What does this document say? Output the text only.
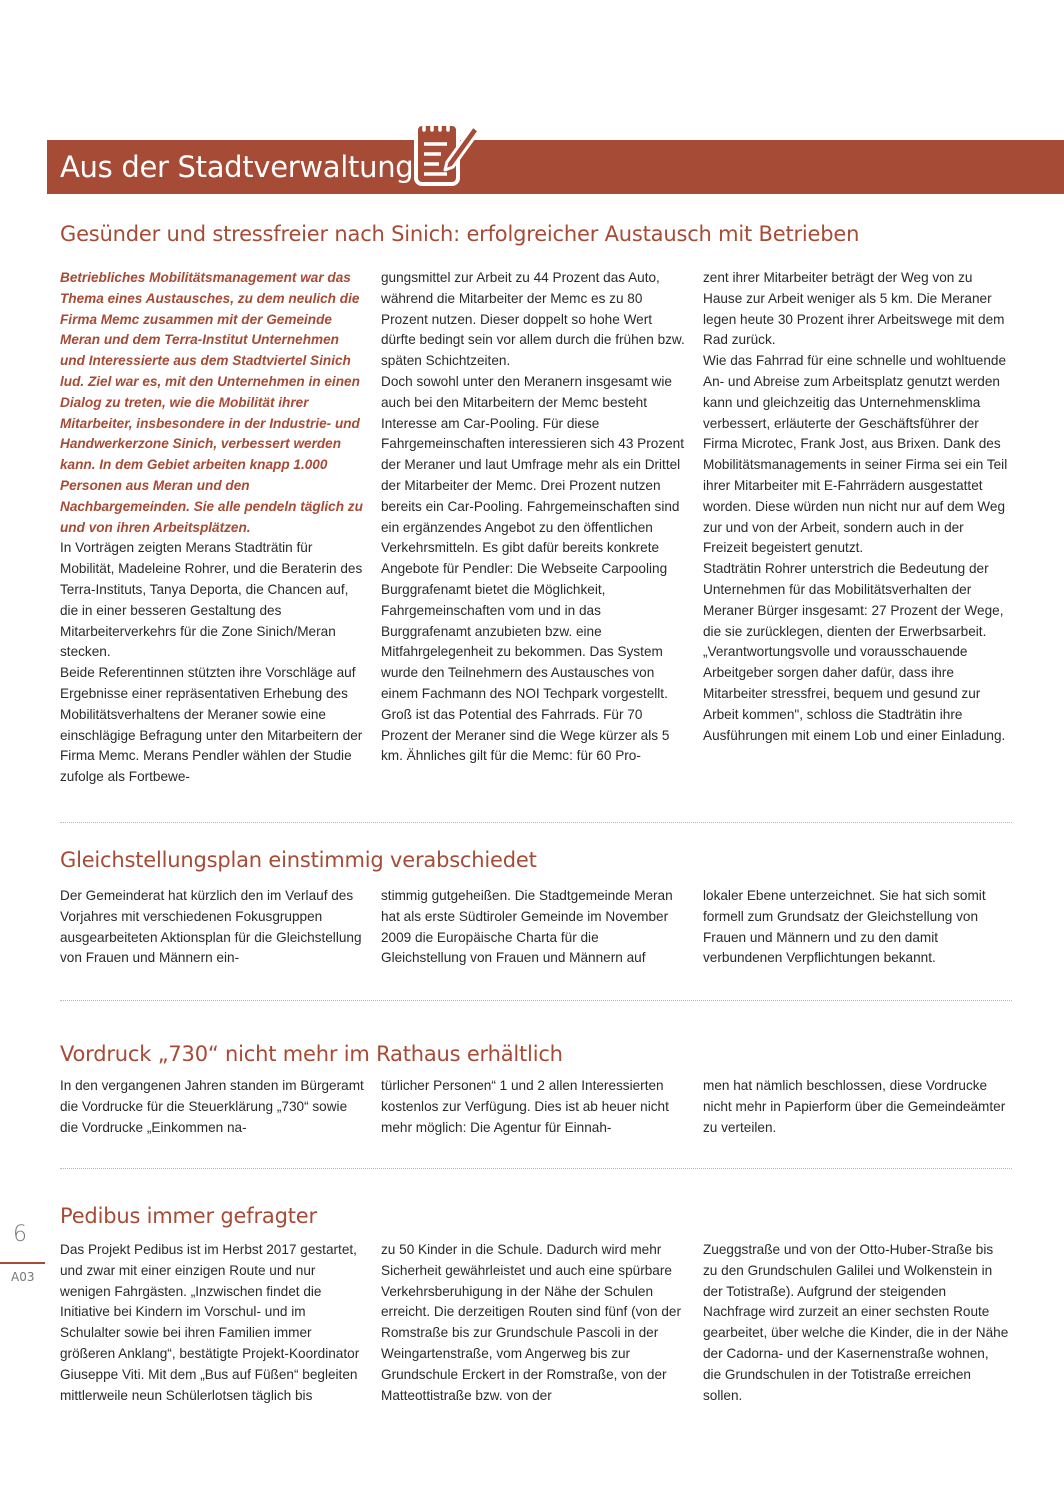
Aus der Stadtverwaltung
Gesünder und stressfreier nach Sinich: erfolgreicher Austausch mit Betrieben

Betriebliches Mobilitätsmanagement war das Thema eines Austausches, zu dem neulich die Firma Memc zusammen mit der Gemeinde Meran und dem Terra-Institut Unternehmen und Interessierte aus dem Stadtviertel Sinich lud. Ziel war es, mit den Unternehmen in einen Dialog zu treten, wie die Mobilität ihrer Mitarbeiter, insbesondere in der Industrie- und Handwerkerzone Sinich, verbessert werden kann. In dem Gebiet arbeiten knapp 1.000 Personen aus Meran und den Nachbargemeinden. Sie alle pendeln täglich zu und von ihren Arbeitsplätzen.

In Vorträgen zeigten Merans Stadträtin für Mobilität, Madeleine Rohrer, und die Beraterin des Terra-Instituts, Tanya Deporta, die Chancen auf, die in einer besseren Gestaltung des Mitarbeiterverkehrs für die Zone Sinich/Meran stecken.
Beide Referentinnen stützten ihre Vorschläge auf Ergebnisse einer repräsentativen Erhebung des Mobilitätsverhaltens der Meraner sowie eine einschlägige Befragung unter den Mitarbeitern der Firma Memc. Merans Pendler wählen der Studie zufolge als Fortbewe-

gungsmittel zur Arbeit zu 44 Prozent das Auto, während die Mitarbeiter der Memc es zu 80 Prozent nutzen. Dieser doppelt so hohe Wert dürfte bedingt sein vor allem durch die frühen bzw. späten Schichtzeiten.
Doch sowohl unter den Meranern insgesamt wie auch bei den Mitarbeitern der Memc besteht Interesse am Car-Pooling. Für diese Fahrgemeinschaften interessieren sich 43 Prozent der Meraner und laut Umfrage mehr als ein Drittel der Mitarbeiter der Memc. Drei Prozent nutzen bereits ein Car-Pooling. Fahrgemeinschaften sind ein ergänzendes Angebot zu den öffentlichen Verkehrsmitteln. Es gibt dafür bereits konkrete Angebote für Pendler: Die Webseite Carpooling Burggrafenamt bietet die Möglichkeit, Fahrgemeinschaften vom und in das Burggrafenamt anzubieten bzw. eine Mitfahrgelegenheit zu bekommen. Das System wurde den Teilnehmern des Austausches von einem Fachmann des NOI Techpark vorgestellt.
Groß ist das Potential des Fahrrads. Für 70 Prozent der Meraner sind die Wege kürzer als 5 km. Ähnliches gilt für die Memc: für 60 Pro-

zent ihrer Mitarbeiter beträgt der Weg von zu Hause zur Arbeit weniger als 5 km. Die Meraner legen heute 30 Prozent ihrer Arbeitswege mit dem Rad zurück.
Wie das Fahrrad für eine schnelle und wohltuende An- und Abreise zum Arbeitsplatz genutzt werden kann und gleichzeitig das Unternehmensklima verbessert, erläuterte der Geschäftsführer der Firma Microtec, Frank Jost, aus Brixen. Dank des Mobilitätsmanagements in seiner Firma sei ein Teil ihrer Mitarbeiter mit E-Fahrrädern ausgestattet worden. Diese würden nun nicht nur auf dem Weg zur und von der Arbeit, sondern auch in der Freizeit begeistert genutzt.
Stadträtin Rohrer unterstrich die Bedeutung der Unternehmen für das Mobilitätsverhalten der Meraner Bürger insgesamt: 27 Prozent der Wege, die sie zurücklegen, dienten der Erwerbsarbeit. „Verantwortungsvolle und vorausschauende Arbeitgeber sorgen daher dafür, dass ihre Mitarbeiter stressfrei, bequem und gesund zur Arbeit kommen", schloss die Stadträtin ihre Ausführungen mit einem Lob und einer Einladung.

Gleichstellungsplan einstimmig verabschiedet

Der Gemeinderat hat kürzlich den im Verlauf des Vorjahres mit verschiedenen Fokusgruppen ausgearbeiteten Aktionsplan für die Gleichstellung von Frauen und Männern ein-

stimmig gutgeheißen. Die Stadtgemeinde Meran hat als erste Südtiroler Gemeinde im November 2009 die Europäische Charta für die Gleichstellung von Frauen und Männern auf

lokaler Ebene unterzeichnet. Sie hat sich somit formell zum Grundsatz der Gleichstellung von Frauen und Männern und zu den damit verbundenen Verpflichtungen bekannt.

Vordruck „730“ nicht mehr im Rathaus erhältlich

In den vergangenen Jahren standen im Bürgeramt die Vordrucke für die Steuerklärung „730“ sowie die Vordrucke „Einkommen na-

türlicher Personen“ 1 und 2 allen Interessierten kostenlos zur Verfügung. Dies ist ab heuer nicht mehr möglich: Die Agentur für Einnah-

men hat nämlich beschlossen, diese Vordrucke nicht mehr in Papierform über die Gemeindeämter zu verteilen.

Pedibus immer gefragter

Das Projekt Pedibus ist im Herbst 2017 gestartet, und zwar mit einer einzigen Route und nur wenigen Fahrgästen. „Inzwischen findet die Initiative bei Kindern im Vorschul- und im Schulalter sowie bei ihren Familien immer größeren Anklang“, bestätigte Projekt-Koordinator Giuseppe Viti. Mit dem „Bus auf Füßen“ begleiten mittlerweile neun Schülerlotsen täglich bis

zu 50 Kinder in die Schule. Dadurch wird mehr Sicherheit gewährleistet und auch eine spürbare Verkehrsberuhigung in der Nähe der Schulen erreicht. Die derzeitigen Routen sind fünf (von der Romstraße bis zur Grundschule Pascoli in der Weingartenstraße, vom Angerweg bis zur Grundschule Erckert in der Romstraße, von der Matteottistraße bzw. von der

Zueggstraße und von der Otto-Huber-Straße bis zu den Grundschulen Galilei und Wolkenstein in der Totistraße). Aufgrund der steigenden Nachfrage wird zurzeit an einer sechsten Route gearbeitet, über welche die Kinder, die in der Nähe der Cadorna- und der Kasernenstraße wohnen, die Grundschulen in der Totistraße erreichen sollen.

6
A03
